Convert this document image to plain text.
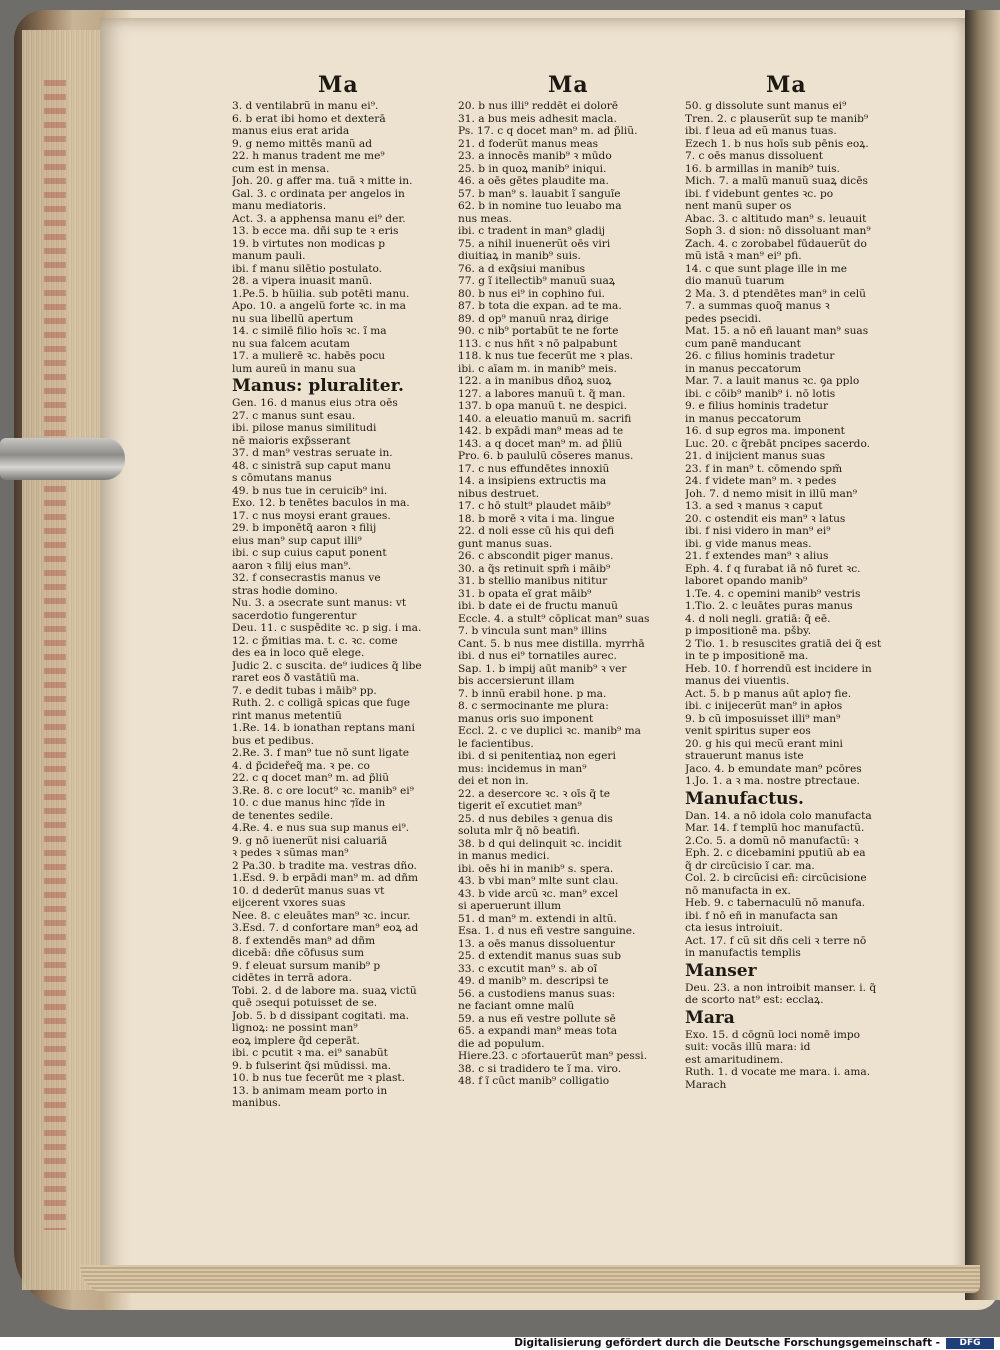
Ma	Ma	Ma
3. d ventilabrũ in manu ei⁹.
6. b erat ibi homo et dexterā
manus eius erat arida
9. g nemo mittēs manũ ad
22. h manus tradent̃ me me⁹
cum est in mensa.
Joh. 20. g affer ma. tuā ꝛ mitte in.
Gal. 3. c ordinata per angelos in
manu mediatoris.
Act. 3. a apphensa manu ei⁹ der.
13. b ecce ma. dñi sup te ꝛ eris
19. b virtutes non modicas p
manum pauli.
ibi. f manu silētio postulato.
28. a vipera inuasit manũ.
1.Pe.5. b hũilia. sub potēti manu.
Apo. 10. a angelũ forte ꝛc. in ma
nu sua libellũ apertum
14. c similē filio hoīs ꝛc. ĩ ma
nu sua falcem acutam
17. a mulierē ꝛc. habēs pocu
lum aureũ in manu sua
Manus: pluraliter.
Gen. 16. d manus eius ɔtra oēs
27. c manus sunt esau.
ibi. pilose manus similitudi
nē maioris exp̃sserant
37. d man⁹ vestras seruate in.
48. c sinistrā sup caput manu
s cōmutans manus
49. b nus tue in ceruicib⁹ ini.
Exo. 12. b tenētes baculos in ma.
17. c nus moysi erant graues.
29. b imponētq̃ aaron ꝛ filij
eius man⁹ sup caput illi⁹
ibi. c sup cuius caput ponent
aaron ꝛ filij eius man⁹.
32. f consecrastis manus ve
stras hodie domino.
Nu. 3. a ɔsecrate sunt manus: vt
sacerdotio fungerentur
Deu. 11. c suspēdite ꝛc. p sig. i ma.
12. c p̃mitias ma. t. c. ꝛc. come
des ea in loco quē elege.
Judic 2. c suscita. de⁹ iudices q̃ libe
raret eos ð vastātiũ ma.
7. e dedit tubas i māib⁹ pp.
Ruth. 2. c colligā spicas que fuge
rint manus metentiũ
1.Re. 14. b ionathan reptans mani
bus et pedibus.
2.Re. 3. f man⁹ tue nō sunt ligate
4. d p̃cideřeq̃ ma. ꝛ pe. co
22. c q docet man⁹ m. ad p̃liũ
3.Re. 8. c ore locut⁹ ꝛc. manib⁹ ei⁹
10. c due manus hinc ⁊ĩde in
de tenentes sedile.
4.Re. 4. e nus sua sup manus ei⁹.
9. g nō iuenerũt nisi caluariā
ꝛ pedes ꝛ sũmas man⁹
2 Pa.30. b tradite ma. vestras dño.
1.Esd. 9. b erpādi man⁹ m. ad dñm
10. d dederũt manus suas vt
eijcerent vxores suas
Nee. 8. c eleuātes man⁹ ꝛc. incur.
3.Esd. 7. d confortare man⁹ eoꝝ ad
8. f extendēs man⁹ ad dñm
dicebā: dñe cōfusus sum
9. f eleuat̃ sursum manib⁹ p
cidētes in terrā adora.
Tobi. 2. d de labore ma. suaꝝ victũ
quē ɔsequi potuisset de se.
Job. 5. b d dissipant cogitati. ma.
lignoꝝ: ne possint man⁹
eoꝝ implere q̃d ceperāt.
ibi. c pcutit ꝛ ma. ei⁹ sanabũt
9. b fulserint q̃si mũdissi. ma.
10. b nus tue fecerūt me ꝛ plast.
13. b animam meam porto in
manibus.
20. b nus illi⁹ reddēt ei dolorē
31. a bus meis adhesit macla.
Ps. 17. c q docet man⁹ m. ad p̃liũ.
21. d foderũt manus meas
23. a innocēs manib⁹ ꝛ mūdo
25. b in quoꝝ manib⁹ iniqui.
46. a oēs gētes plaudite ma.
57. b man⁹ s. lauabit ĩ sanguĩe
62. b in nomine tuo leuabo ma
nus meas.
ibi. c tradent̃ in man⁹ gladij
75. a nihil inuenerũt oēs viri
diuitiaꝝ in manib⁹ suis.
76. a d exq̃siui manibus
77. g ĩ itellectib⁹ manuũ suaꝝ
80. b nus ei⁹ in cophino fui.
87. b tota die expan. ad te ma.
89. d op⁹ manuũ nraꝝ dirige
90. c nib⁹ portabũt te ne forte
113. c nus hñt ꝛ nō palpabunt
118. k nus tue fecerūt me ꝛ plas.
ibi. c aīam m. in manib⁹ meis.
122. a in manibus dñoꝝ suoꝝ
127. a labores manuũ t. q̃ man.
137. b opa manuũ t. ne despici.
140. a eleuatio manuũ m. sacrifi
142. b expādi man⁹ meas ad te
143. a q docet man⁹ m. ad p̃liũ
Pro. 6. b paululũ cōseres manus.
17. c nus effundētes innoxiũ
14. a insipiens extructis ma
nibus destruet.
17. c hō stult⁹ plaudet māib⁹
18. b morē ꝛ vita i ma. lingue
22. d noli esse cū his qui defi
gunt manus suas.
26. c abscondit piger manus.
30. a q̃s retinuit spm̃ i māib⁹
31. b stellio manibus nititur
31. b opata eĩ grat̃ māib⁹
ibi. b date ei de fructu manuũ
Eccle. 4. a stult⁹ cōplicat man⁹ suas
7. b vincula sunt man⁹ illins
Cant. 5. b nus mee distilla. myrrhā
ibi. d nus ei⁹ tornatiles aurec.
Sap. 1. b impij aūt manib⁹ ꝛ ver
bis accersierunt illam
7. b innũ erabil̃ hone. p ma.
8. c sermocinante me plura:
manus oris suo imponent
Eccl. 2. c ve duplici ꝛc. manib⁹ ma
le facientibus.
ibi. d si penitentiaꝝ non egeri
mus: incidemus in man⁹
dei et non in.
22. a desercore ꝛc. ꝛ oīs q̃ te
tigerit eĩ excutiet man⁹
25. d nus debiles ꝛ genua dis
soluta mlr q̃ nō beatifi.
38. b d qui delinquit ꝛc. incidit
in manus medici.
ibi. oēs hi in manib⁹ s. spera.
43. b vbi man⁹ mlte sunt clau.
43. b vide arcũ ꝛc. man⁹ excel
si aperuerunt illum
51. d man⁹ m. extendi in altũ.
Esa. 1. d nus eñ vestre sanguine.
13. a oēs manus dissoluentur
25. d extendit manus suas sub
33. c excutit man⁹ s. ab oĩ
49. d manib⁹ m. descripsi te
56. a custodiens manus suas:
ne faciant omne malũ
59. a nus eñ vestre pollute sē
65. a expandi man⁹ meas tota
die ad populum.
Hiere.23. c ɔfortauerũt man⁹ pessi.
38. c si tradidero te ĩ ma. viro.
48. f ĩ cūct̃ manib⁹ colligatio
50. g dissolute sunt manus ei⁹
Tren. 2. c plauserũt sup te manib⁹
ibi. f leua ad eũ manus tuas.
Ezech 1. b nus hoīs sub pēnis eoꝝ.
7. c oēs manus dissoluent̃
16. b armillas in manib⁹ tuis.
Mich. 7. a malũ manuũ suaꝝ dicēs
ibi. f videbunt gentes ꝛc. po
nent manũ super os
Abac. 3. c altitudo man⁹ s. leuauit
Soph 3. d sion: nō dissoluant man⁹
Zach. 4. c zorobabel fūdauerũt do
mũ istā ꝛ man⁹ ei⁹ pfi.
14. c que sunt plage ille in me
dio manuũ tuarum
2 Ma. 3. d ptendētes man⁹ in celũ
7. a summas quoq̃ manus ꝛ
pedes psecidi.
Mat. 15. a nō eñ lauant man⁹ suas
cum panē manducant
26. c filius hominis tradetur
in manus peccatorum
Mar. 7. a lauit manus ꝛc. ꝯa pplo
ibi. c cōib⁹ manib⁹ i. nō lotis
9. e filius hominis tradetur
in manus peccatorum
16. d sup egros ma. imponent
Luc. 20. c q̃rebāt pncipes sacerdo.
21. d inijcient manus suas
23. f in man⁹ t. cōmendo spm̃
24. f videte man⁹ m. ꝛ pedes
Joh. 7. d nemo misit in illũ man⁹
13. a sed ꝛ manus ꝛ caput
20. c ostendit eis man⁹ ꝛ latus
ibi. f nisi videro in man⁹ ei⁹
ibi. g vide manus meas.
21. f extendes man⁹ ꝛ alius
Eph. 4. f q furabat̃ iā nō furet̃ ꝛc.
laboret opando manib⁹
1.Te. 4. c opemini manib⁹ vestris
1.Tio. 2. c leuātes puras manus
4. d noli negli. gratiā: q̃ eē.
p impositionē ma. pšby.
2 Tio. 1. b resuscites gratiā dei q̃ est
in te p impositionē ma.
Heb. 10. f horrendū est incidere in
manus dei viuentis.
Act. 5. b p manus aūt aplo⁊ fie.
ibi. c inijecerũt man⁹ in apłos
9. b cũ imposuisset illi⁹ man⁹
venit spiritus super eos
20. g his qui mecũ erant mini
strauerunt manus iste
Jaco. 4. b emundate man⁹ pcōres
1.Jo. 1. a ꝛ ma. nostre ptrectaue.
Manufactus.
Dan. 14. a nō idola colo manufacta
Mar. 14. f templũ hoc manufactũ.
2.Co. 5. a domũ nō manufactũ: ꝛ
Eph. 2. c dicebamini pputiũ ab ea
q̃ d̃r circũcisio ĩ car. ma.
Col. 2. b circũcisi eñ: circũcisione
nō manufacta in ex.
Heb. 9. c tabernaculũ nō manufa.
ibi. f nō eñ in manufacta san
cta iesus introiuit.
Act. 17. f cũ sit dñs celi ꝛ terre nō
in manufactis templis
Manser
Deu. 23. a non introibit manser. i. q̃
de scorto nat⁹ est: ecclaꝝ.
Mara
Exo. 15. d cōgnũ loci nomē impo
suit: vocās illũ mara: id
est amaritudinem.
Ruth. 1. d vocate me mara. i. ama.
Marach
Digitalisierung gefördert durch die Deutsche Forschungsgemeinschaft -	DFG
